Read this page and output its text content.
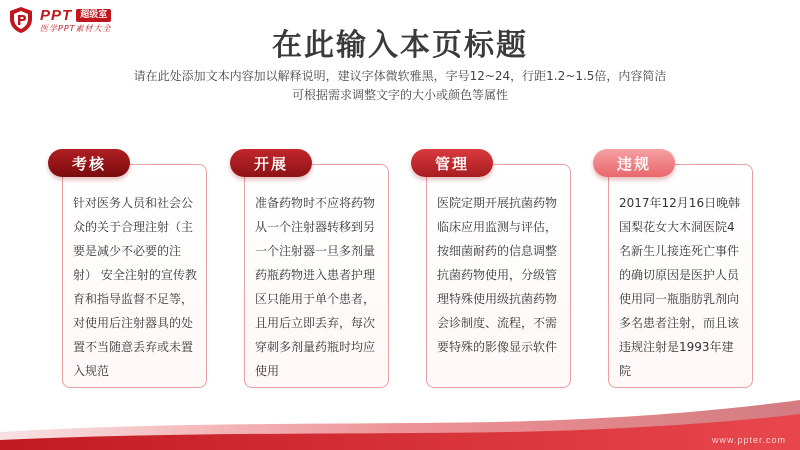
PPT 超级室
医学PPT素材大全	在此输入本页标题
请在此处添加文本内容加以解释说明，建议字体微软雅黑，字号12~24，行距1.2~1.5倍，内容简洁
可根据需求调整文字的大小或颜色等属性
针对医务人员和社会公众的关于合理注射（主要是减少不必要的注射） 安全注射的宣传教育和指导监督不足等，对使用后注射器具的处置不当随意丢弃或未置入规范
考核
准备药物时不应将药物从一个注射器转移到另一个注射器一旦多剂量药瓶药物进入患者护理区只能用于单个患者，且用后立即丢弃，每次穿刺多剂量药瓶时均应使用
开展
医院定期开展抗菌药物临床应用监测与评估，按细菌耐药的信息调整抗菌药物使用，分级管理特殊使用级抗菌药物会诊制度、流程，不需要特殊的影像显示软件
管理
2017年12月16日晚韩国梨花女大木洞医院4名新生儿接连死亡事件的确切原因是医护人员使用同一瓶脂肪乳剂向多名患者注射，而且该违规注射是1993年建院
违规
www.ppter.com
